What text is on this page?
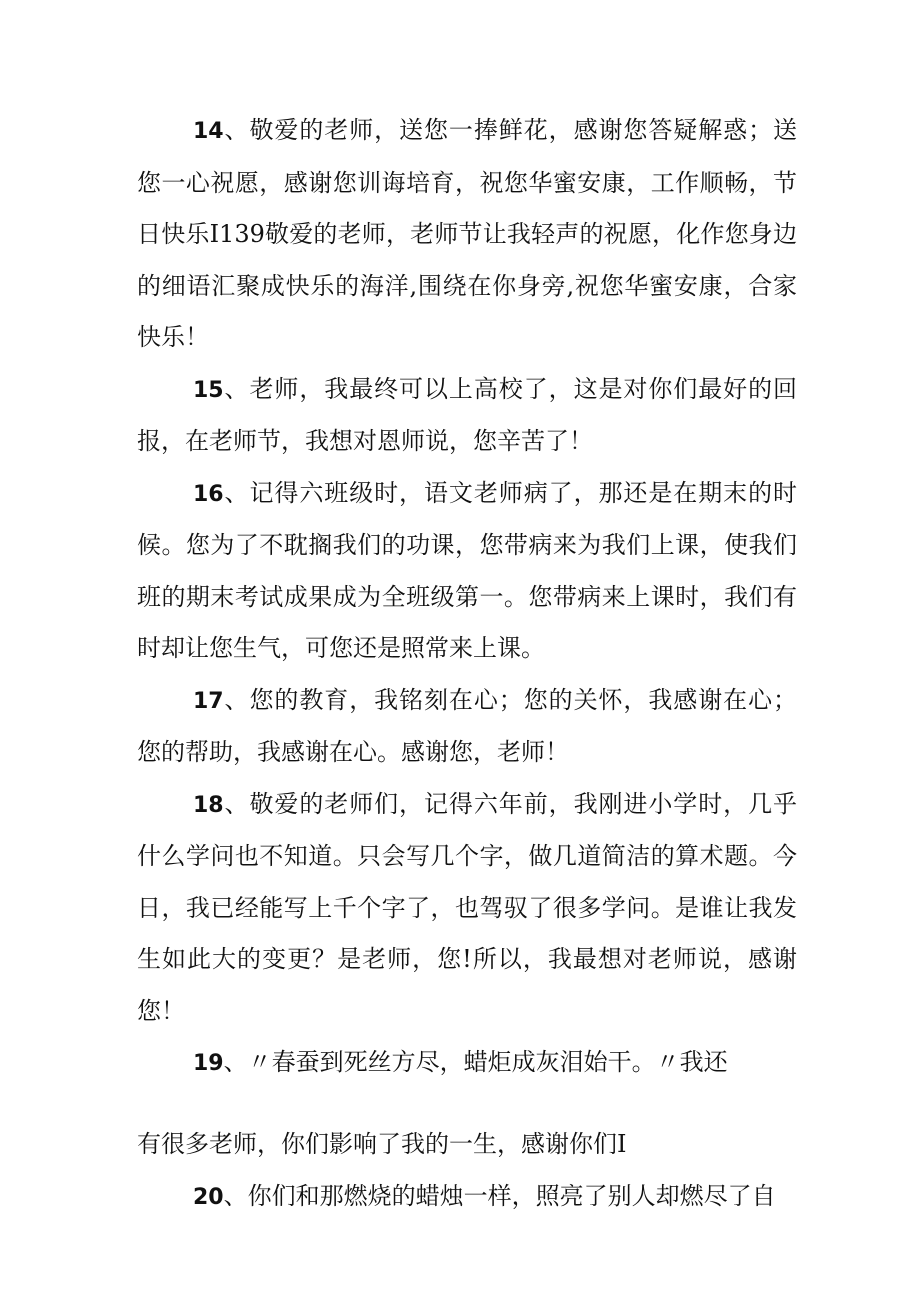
14、敬爱的老师，送您一捧鲜花，感谢您答疑解惑；送您一心祝愿，感谢您训诲培育，祝您华蜜安康，工作顺畅，节日快乐I139敬爱的老师，老师节让我轻声的祝愿，化作您身边的细语汇聚成快乐的海洋,围绕在你身旁,祝您华蜜安康，合家快乐！

15、老师，我最终可以上高校了，这是对你们最好的回报，在老师节，我想对恩师说，您辛苦了！

16、记得六班级时，语文老师病了，那还是在期末的时候。您为了不耽搁我们的功课，您带病来为我们上课，使我们班的期末考试成果成为全班级第一。您带病来上课时，我们有时却让您生气，可您还是照常来上课。

17、您的教育，我铭刻在心；您的关怀，我感谢在心；您的帮助，我感谢在心。感谢您，老师！

18、敬爱的老师们，记得六年前，我刚进小学时，几乎什么学问也不知道。只会写几个字，做几道简洁的算术题。今日，我已经能写上千个字了，也驾驭了很多学问。是谁让我发生如此大的变更？是老师，您!所以，我最想对老师说，感谢您！

19、〃春蚕到死丝方尽，蜡炬成灰泪始干。〃我还

有很多老师，你们影响了我的一生，感谢你们I

20、你们和那燃烧的蜡烛一样，照亮了别人却燃尽了自
